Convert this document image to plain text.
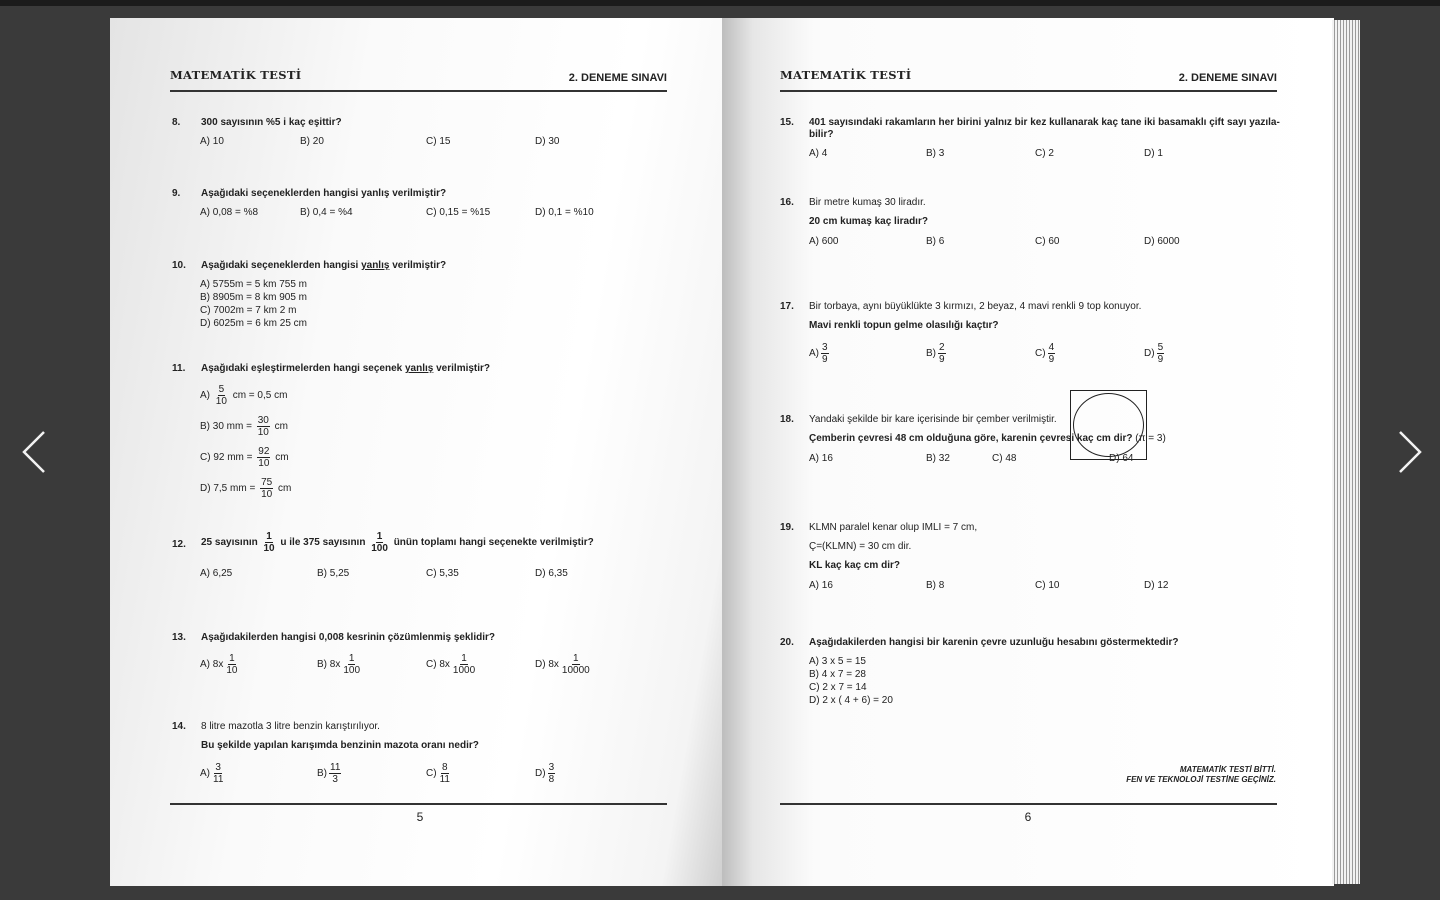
MATEMATİK TESTİ	2. DENEME SINAVI
8. 300 sayısının %5 i kaç eşittir?
A) 10	B) 20	C) 15	D) 30
9. Aşağıdaki seçeneklerden hangisi yanlış verilmiştir?
A) 0,08 = %8	B) 0,4 = %4	C) 0,15 = %15	D) 0,1 = %10
10. Aşağıdaki seçeneklerden hangisi yanlış verilmiştir?
A) 5755m = 5 km 755 m
B) 8905m = 8 km 905 m
C) 7002m = 7 km 2 m
D) 6025m = 6 km 25 cm
11. Aşağıdaki eşleştirmelerden hangi seçenek yanlış verilmiştir?
$A) \frac{5}{10}$ cm = 0,5 cm
B) 30 mm = $\frac{30}{10}$ cm
C) 92 mm = $\frac{92}{10}$ cm
D) 7,5 mm = $\frac{75}{10}$ cm
12. 25 sayısının $\frac{1}{10}$ u ile 375 sayısının $\frac{1}{100}$ ünün toplamı hangi seçenekte verilmiştir?
A) 6,25	B) 5,25	C) 5,35	D) 6,35
13. Aşağıdakilerden hangisi 0,008 kesrinin çözümlenmiş şeklidir?
A) $8x \frac{1}{10}$	B) $8x \frac{1}{100}$	C) $8x \frac{1}{1000}$	D) $8x \frac{1}{10000}$
14. 8 litre mazotla 3 litre benzin karıştırılıyor.
Bu şekilde yapılan karışımda benzinin mazota oranı nedir?
$A) \frac{3}{11}$	$B) \frac{11}{3}$	$C) \frac{8}{11}$	$D) \frac{3}{8}$
5
MATEMATİK TESTİ	2. DENEME SINAVI
15. 401 sayısındaki rakamların her birini yalnız bir kez kullanarak kaç tane iki basamaklı çift sayı yazıla-
bilir?
A) 4	B) 3	C) 2	D) 1
16. Bir metre kumaş 30 liradır.
20 cm kumaş kaç liradır?
A) 600	B) 6	C) 60	D) 6000
17. Bir torbaya, aynı büyüklükte 3 kırmızı, 2 beyaz, 4 mavi renkli 9 top konuyor.
Mavi renkli topun gelme olasılığı kaçtır?
$A) \frac{3}{9}$	$B) \frac{2}{9}$	$C) \frac{4}{9}$	$D) \frac{5}{9}$
18. Yandaki şekilde bir kare içerisinde bir çember verilmiştir.
Çemberin çevresi 48 cm olduğuna göre, karenin çevresi kaç cm dir? (π = 3)
A) 16	B) 32	C) 48	D) 64
19. KLMN paralel kenar olup IMLI = 7 cm,
Ç=(KLMN) = 30 cm dir.
KL kaç kaç cm dir?
A) 16	B) 8	C) 10	D) 12
20. Aşağıdakilerden hangisi bir karenin çevre uzunluğu hesabını göstermektedir?
A) 3 x 5 = 15
B) 4 x 7 = 28
C) 2 x 7 = 14
D) 2 x ( 4 + 6) = 20
6
MATEMATİK TESTİ BİTTİ.
FEN VE TEKNOLOJİ TESTİNE GEÇİNİZ.
